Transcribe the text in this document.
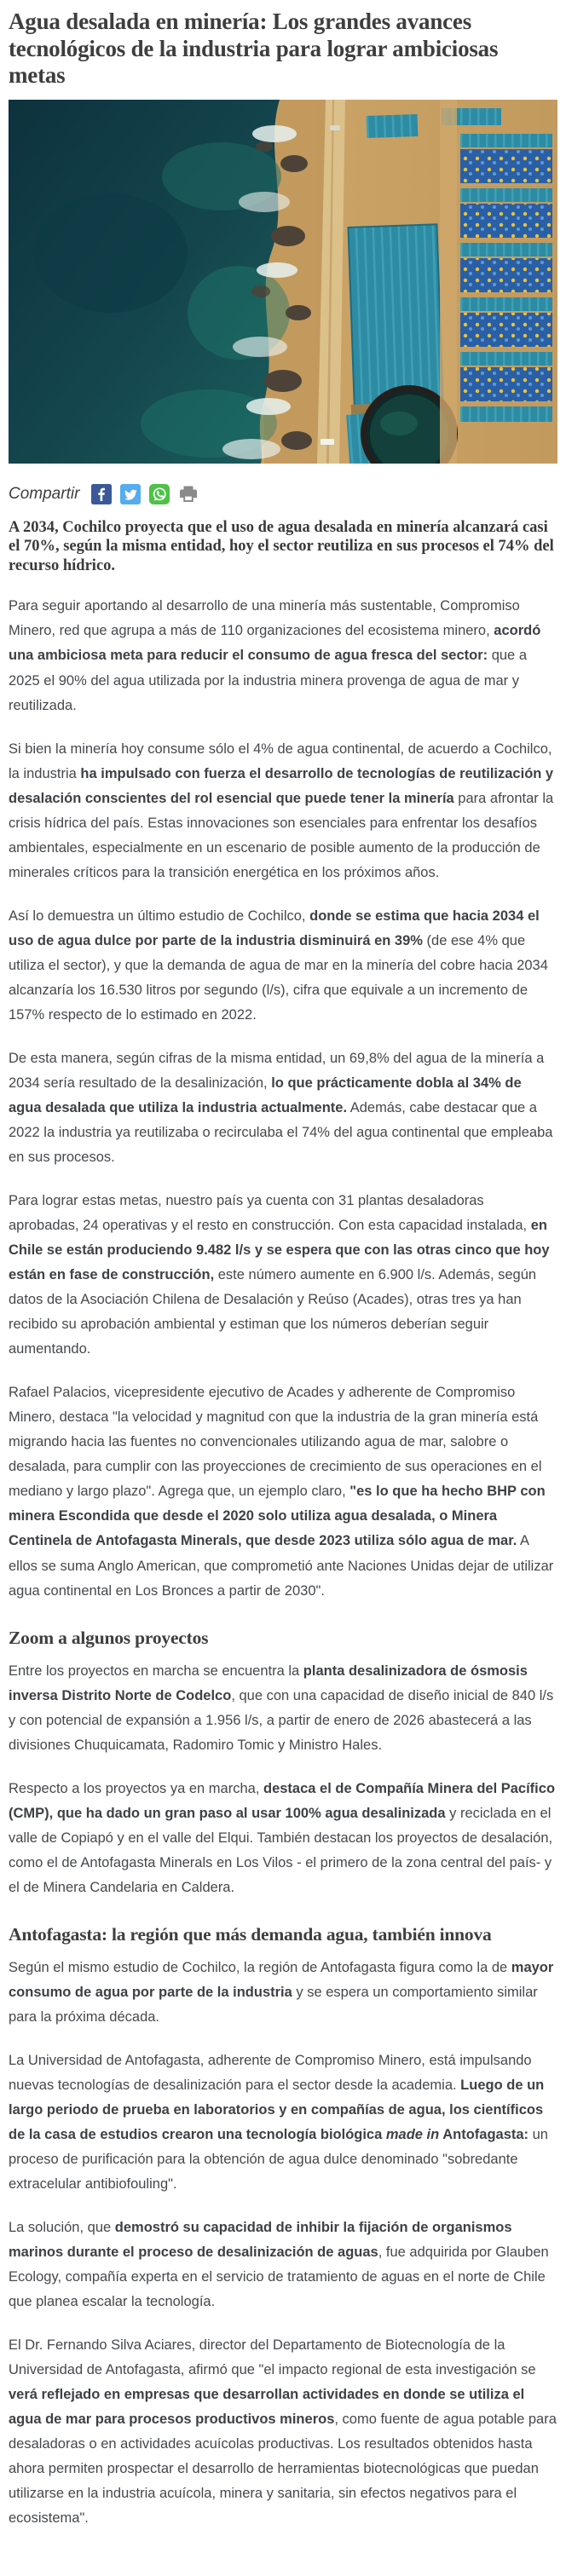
Agua desalada en minería: Los grandes avances tecnológicos de la industria para lograr ambiciosas metas
Compartir

A 2034, Cochilco proyecta que el uso de agua desalada en minería alcanzará casi el 70%, según la misma entidad, hoy el sector reutiliza en sus procesos el 74% del recurso hídrico.

Para seguir aportando al desarrollo de una minería más sustentable, Compromiso Minero, red que agrupa a más de 110 organizaciones del ecosistema minero, acordó una ambiciosa meta para reducir el consumo de agua fresca del sector: que a 2025 el 90% del agua utilizada por la industria minera provenga de agua de mar y reutilizada.

Si bien la minería hoy consume sólo el 4% de agua continental, de acuerdo a Cochilco, la industria ha impulsado con fuerza el desarrollo de tecnologías de reutilización y desalación conscientes del rol esencial que puede tener la minería para afrontar la crisis hídrica del país. Estas innovaciones son esenciales para enfrentar los desafíos ambientales, especialmente en un escenario de posible aumento de la producción de minerales críticos para la transición energética en los próximos años.

Así lo demuestra un último estudio de Cochilco, donde se estima que hacia 2034 el uso de agua dulce por parte de la industria disminuirá en 39% (de ese 4% que utiliza el sector), y que la demanda de agua de mar en la minería del cobre hacia 2034 alcanzaría los 16.530 litros por segundo (l/s), cifra que equivale a un incremento de 157% respecto de lo estimado en 2022.

De esta manera, según cifras de la misma entidad, un 69,8% del agua de la minería a 2034 sería resultado de la desalinización, lo que prácticamente dobla al 34% de agua desalada que utiliza la industria actualmente. Además, cabe destacar que a 2022 la industria ya reutilizaba o recirculaba el 74% del agua continental que empleaba en sus procesos.

Para lograr estas metas, nuestro país ya cuenta con 31 plantas desaladoras aprobadas, 24 operativas y el resto en construcción. Con esta capacidad instalada, en Chile se están produciendo 9.482 l/s y se espera que con las otras cinco que hoy están en fase de construcción, este número aumente en 6.900 l/s. Además, según datos de la Asociación Chilena de Desalación y Reúso (Acades), otras tres ya han recibido su aprobación ambiental y estiman que los números deberían seguir aumentando.

Rafael Palacios, vicepresidente ejecutivo de Acades y adherente de Compromiso Minero, destaca "la velocidad y magnitud con que la industria de la gran minería está migrando hacia las fuentes no convencionales utilizando agua de mar, salobre o desalada, para cumplir con las proyecciones de crecimiento de sus operaciones en el mediano y largo plazo". Agrega que, un ejemplo claro, "es lo que ha hecho BHP con minera Escondida que desde el 2020 solo utiliza agua desalada, o Minera Centinela de Antofagasta Minerals, que desde 2023 utiliza sólo agua de mar. A ellos se suma Anglo American, que comprometió ante Naciones Unidas dejar de utilizar agua continental en Los Bronces a partir de 2030".

Zoom a algunos proyectos

Entre los proyectos en marcha se encuentra la planta desalinizadora de ósmosis inversa Distrito Norte de Codelco, que con una capacidad de diseño inicial de 840 l/s y con potencial de expansión a 1.956 l/s, a partir de enero de 2026 abastecerá a las divisiones Chuquicamata, Radomiro Tomic y Ministro Hales.

Respecto a los proyectos ya en marcha, destaca el de Compañía Minera del Pacífico (CMP), que ha dado un gran paso al usar 100% agua desalinizada y reciclada en el valle de Copiapó y en el valle del Elqui. También destacan los proyectos de desalación, como el de Antofagasta Minerals en Los Vilos - el primero de la zona central del país- y el de Minera Candelaria en Caldera.

Antofagasta: la región que más demanda agua, también innova

Según el mismo estudio de Cochilco, la región de Antofagasta figura como la de mayor consumo de agua por parte de la industria y se espera un comportamiento similar para la próxima década.

La Universidad de Antofagasta, adherente de Compromiso Minero, está impulsando nuevas tecnologías de desalinización para el sector desde la academia. Luego de un largo periodo de prueba en laboratorios y en compañías de agua, los científicos de la casa de estudios crearon una tecnología biológica made in Antofagasta: un proceso de purificación para la obtención de agua dulce denominado "sobredante extracelular antibiofouling".

La solución, que demostró su capacidad de inhibir la fijación de organismos marinos durante el proceso de desalinización de aguas, fue adquirida por Glauben Ecology, compañía experta en el servicio de tratamiento de aguas en el norte de Chile que planea escalar la tecnología.

El Dr. Fernando Silva Aciares, director del Departamento de Biotecnología de la Universidad de Antofagasta, afirmó que "el impacto regional de esta investigación se verá reflejado en empresas que desarrollan actividades en donde se utiliza el agua de mar para procesos productivos mineros, como fuente de agua potable para desaladoras o en actividades acuícolas productivas. Los resultados obtenidos hasta ahora permiten prospectar el desarrollo de herramientas biotecnológicas que puedan utilizarse en la industria acuícola, minera y sanitaria, sin efectos negativos para el ecosistema".
